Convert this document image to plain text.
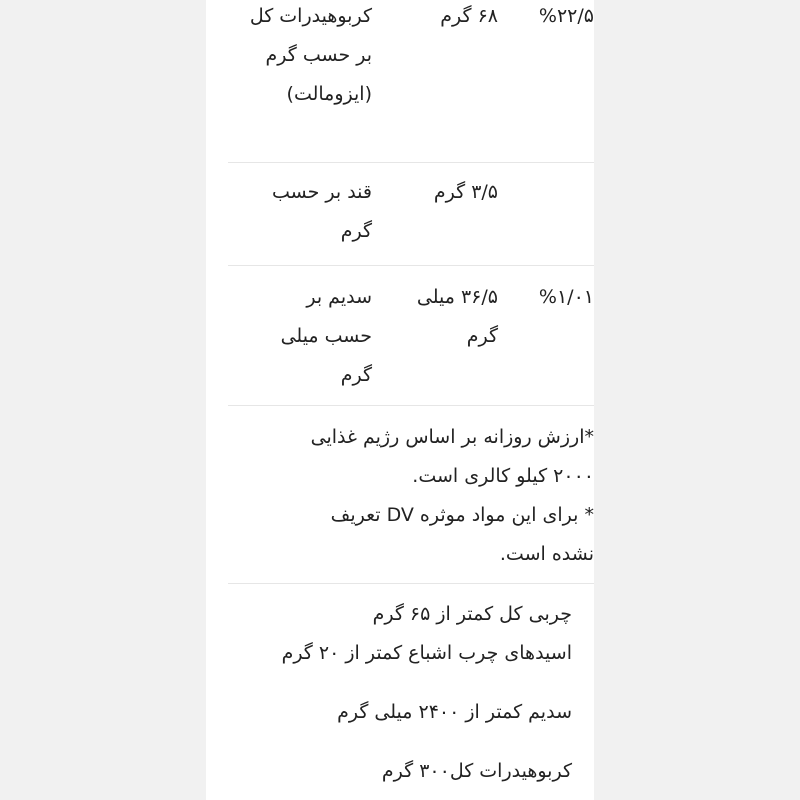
کربوهیدرات کل بر حسب گرم (ایزومالت)
۶۸ گرم	%۲۲/۵
قند بر حسب گرم
۳/۵ گرم
سدیم بر حسب میلی گرم
۳۶/۵ میلی گرم
%۱/۰۱
*ارزش روزانه بر اساس رژیم غذایی ۲۰۰۰ کیلو کالری است.
* برای این مواد موثره DV تعریف نشده است.
چربی کل کمتر از ۶۵ گرم
اسیدهای چرب اشباع کمتر از ۲۰ گرم
سدیم کمتر از ۲۴۰۰ میلی گرم
کربوهیدرات کل۳۰۰ گرم
